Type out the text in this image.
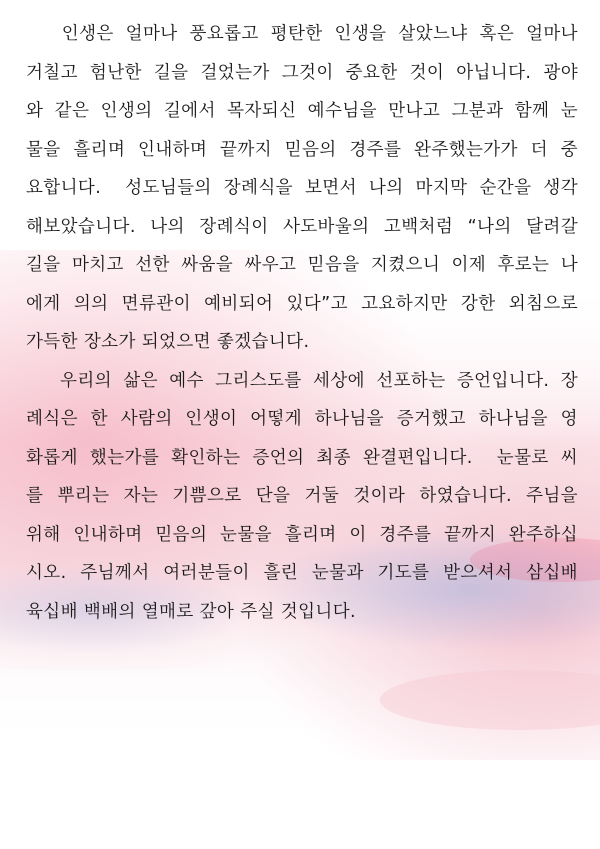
인생은 얼마나 풍요롭고 평탄한 인생을 살았느냐 혹은 얼마나
거칠고 험난한 길을 걸었는가 그것이 중요한 것이 아닙니다. 광야
와 같은 인생의 길에서 목자되신 예수님을 만나고 그분과 함께 눈
물을 흘리며 인내하며 끝까지 믿음의 경주를 완주했는가가 더 중
요합니다.  성도님들의 장례식을 보면서 나의 마지막 순간을 생각
해보았습니다. 나의 장례식이 사도바울의 고백처럼 “나의 달려갈
길을 마치고 선한 싸움을 싸우고 믿음을 지켰으니 이제 후로는 나
에게 의의 면류관이 예비되어 있다”고 고요하지만 강한 외침으로
가득한 장소가 되었으면 좋겠습니다.
우리의 삶은 예수 그리스도를 세상에 선포하는 증언입니다. 장
례식은 한 사람의 인생이 어떻게 하나님을 증거했고 하나님을 영
화롭게 했는가를 확인하는 증언의 최종 완결편입니다.  눈물로 씨
를 뿌리는 자는 기쁨으로 단을 거둘 것이라 하였습니다. 주님을
위해 인내하며 믿음의 눈물을 흘리며 이 경주를 끝까지 완주하십
시오. 주님께서 여러분들이 흘린 눈물과 기도를 받으셔서 삼십배
육십배 백배의 열매로 갚아 주실 것입니다.
